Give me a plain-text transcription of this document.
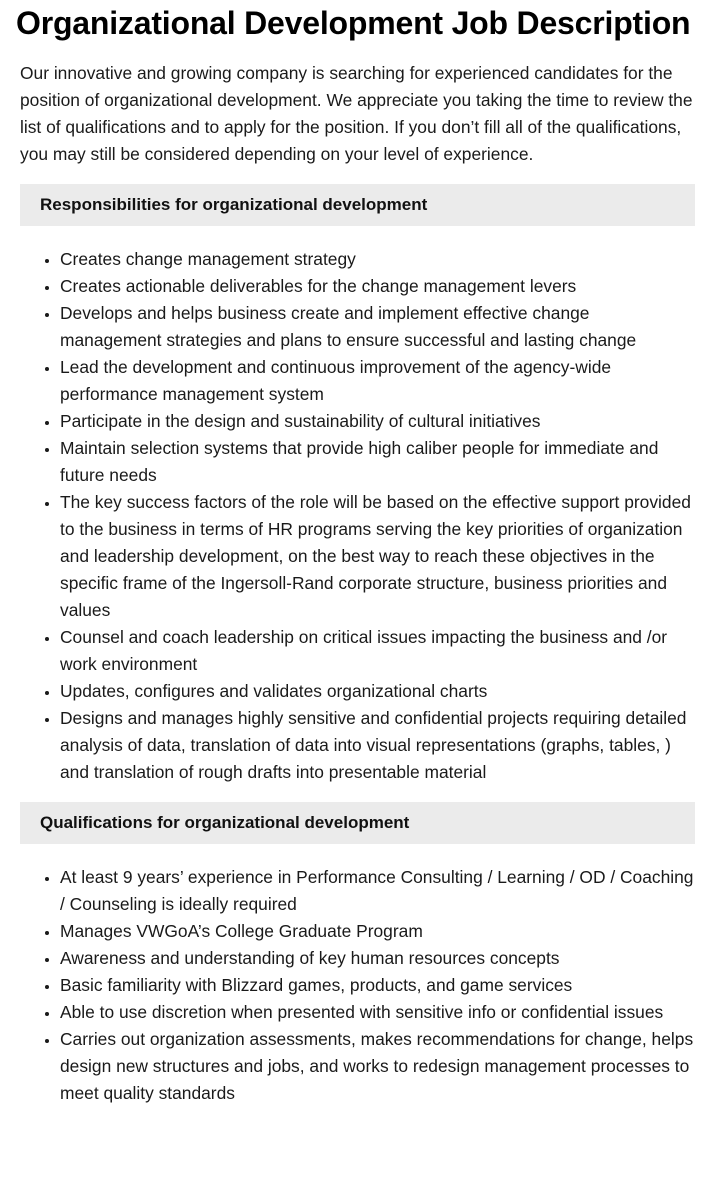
Organizational Development Job Description

Our innovative and growing company is searching for experienced candidates for the position of organizational development. We appreciate you taking the time to review the list of qualifications and to apply for the position. If you don’t fill all of the qualifications, you may still be considered depending on your level of experience.

Responsibilities for organizational development
• Creates change management strategy
• Creates actionable deliverables for the change management levers
• Develops and helps business create and implement effective change management strategies and plans to ensure successful and lasting change
• Lead the development and continuous improvement of the agency-wide performance management system
• Participate in the design and sustainability of cultural initiatives
• Maintain selection systems that provide high caliber people for immediate and future needs
• The key success factors of the role will be based on the effective support provided to the business in terms of HR programs serving the key priorities of organization and leadership development, on the best way to reach these objectives in the specific frame of the Ingersoll-Rand corporate structure, business priorities and values
• Counsel and coach leadership on critical issues impacting the business and /or work environment
• Updates, configures and validates organizational charts
• Designs and manages highly sensitive and confidential projects requiring detailed analysis of data, translation of data into visual representations (graphs, tables, ) and translation of rough drafts into presentable material
Qualifications for organizational development
• At least 9 years’ experience in Performance Consulting / Learning / OD / Coaching / Counseling is ideally required
• Manages VWGoA’s College Graduate Program
• Awareness and understanding of key human resources concepts
• Basic familiarity with Blizzard games, products, and game services
• Able to use discretion when presented with sensitive info or confidential issues
• Carries out organization assessments, makes recommendations for change, helps design new structures and jobs, and works to redesign management processes to meet quality standards
